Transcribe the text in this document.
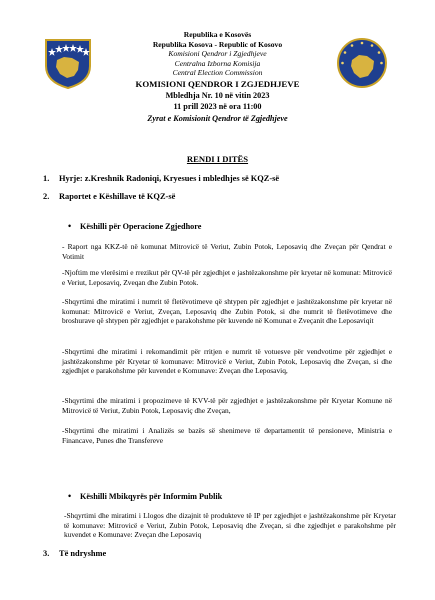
Republika e Kosovës

Republika Kosova - Republic of Kosovo

Komisioni Qendror i Zgjedhjeve

Centralna Izborna Komisija

Central Election Commission

KOMISIONI QENDROR I ZGJEDHJEVE

Mbledhja Nr. 10 në vitin 2023

11 prill 2023 në ora 11:00

Zyrat e Komisionit Qendror të Zgjedhjeve

RENDI I DITËS
1. Hyrje: z.Kreshnik Radoniqi, Kryesues i mbledhjes së KQZ-së
2. Raportet e Këshillave të KQZ-së
• Këshilli për Operacione Zgjedhore

- Raport nga KKZ-të në komunat Mitrovicë të Veriut, Zubin Potok, Leposaviq dhe Zveçan për Qendrat e Votimit

-Njoftim me vlerësimi e rrezikut për QV-të për zgjedhjet e jashtëzakonshme për kryetar në komunat: Mitrovicë e Veriut, Leposaviq, Zveqan dhe Zubin Potok.

-Shqyrtimi dhe miratimi i numrit të fletëvotimeve që shtypen për zgjedhjet e jashtëzakonshme për kryetar në komunat: Mitrovicë e Veriut, Zveçan, Leposaviq dhe Zubin Potok, si dhe numrit të fletëvotimeve dhe broshurave që shtypen për zgjedhjet e parakohshme për kuvende në Komunat e Zveçanit dhe Leposaviqit

-Shqyrtimi dhe miratimi i rekomandimit për rritjen e numrit të votuesve për vendvotime për zgjedhjet e jashtëzakonshme për Kryetar të komunave: Mitrovicë e Veriut, Zubin Potok, Leposaviq dhe Zveçan, si dhe zgjedhjet e parakohshme për kuvendet e Komunave: Zveçan dhe Leposaviq,

-Shqyrtimi dhe miratimi i propozimeve të KVV-të për zgjedhjet e jashtëzakonshme për Kryetar Komune në Mitrovicë të Veriut, Zubin Potok, Leposaviç dhe Zveçan,

-Shqyrtimi dhe miratimi i Analizës se bazës së shenimeve të departamentit të pensioneve, Ministria e Financave, Punes dhe Transfereve

• Këshilli Mbikqyrës për Informim Publik

-Shqyrtimi dhe miratimi i Llogos dhe dizajnit të produkteve të IP per zgjedhjet e jashtëzakonshme për Kryetar të komunave: Mitrovicë e Veriut, Zubin Potok, Leposaviq dhe Zveçan, si dhe zgjedhjet e parakohshme për kuvendet e Komunave: Zveçan dhe Leposaviq

3. Të ndryshme
